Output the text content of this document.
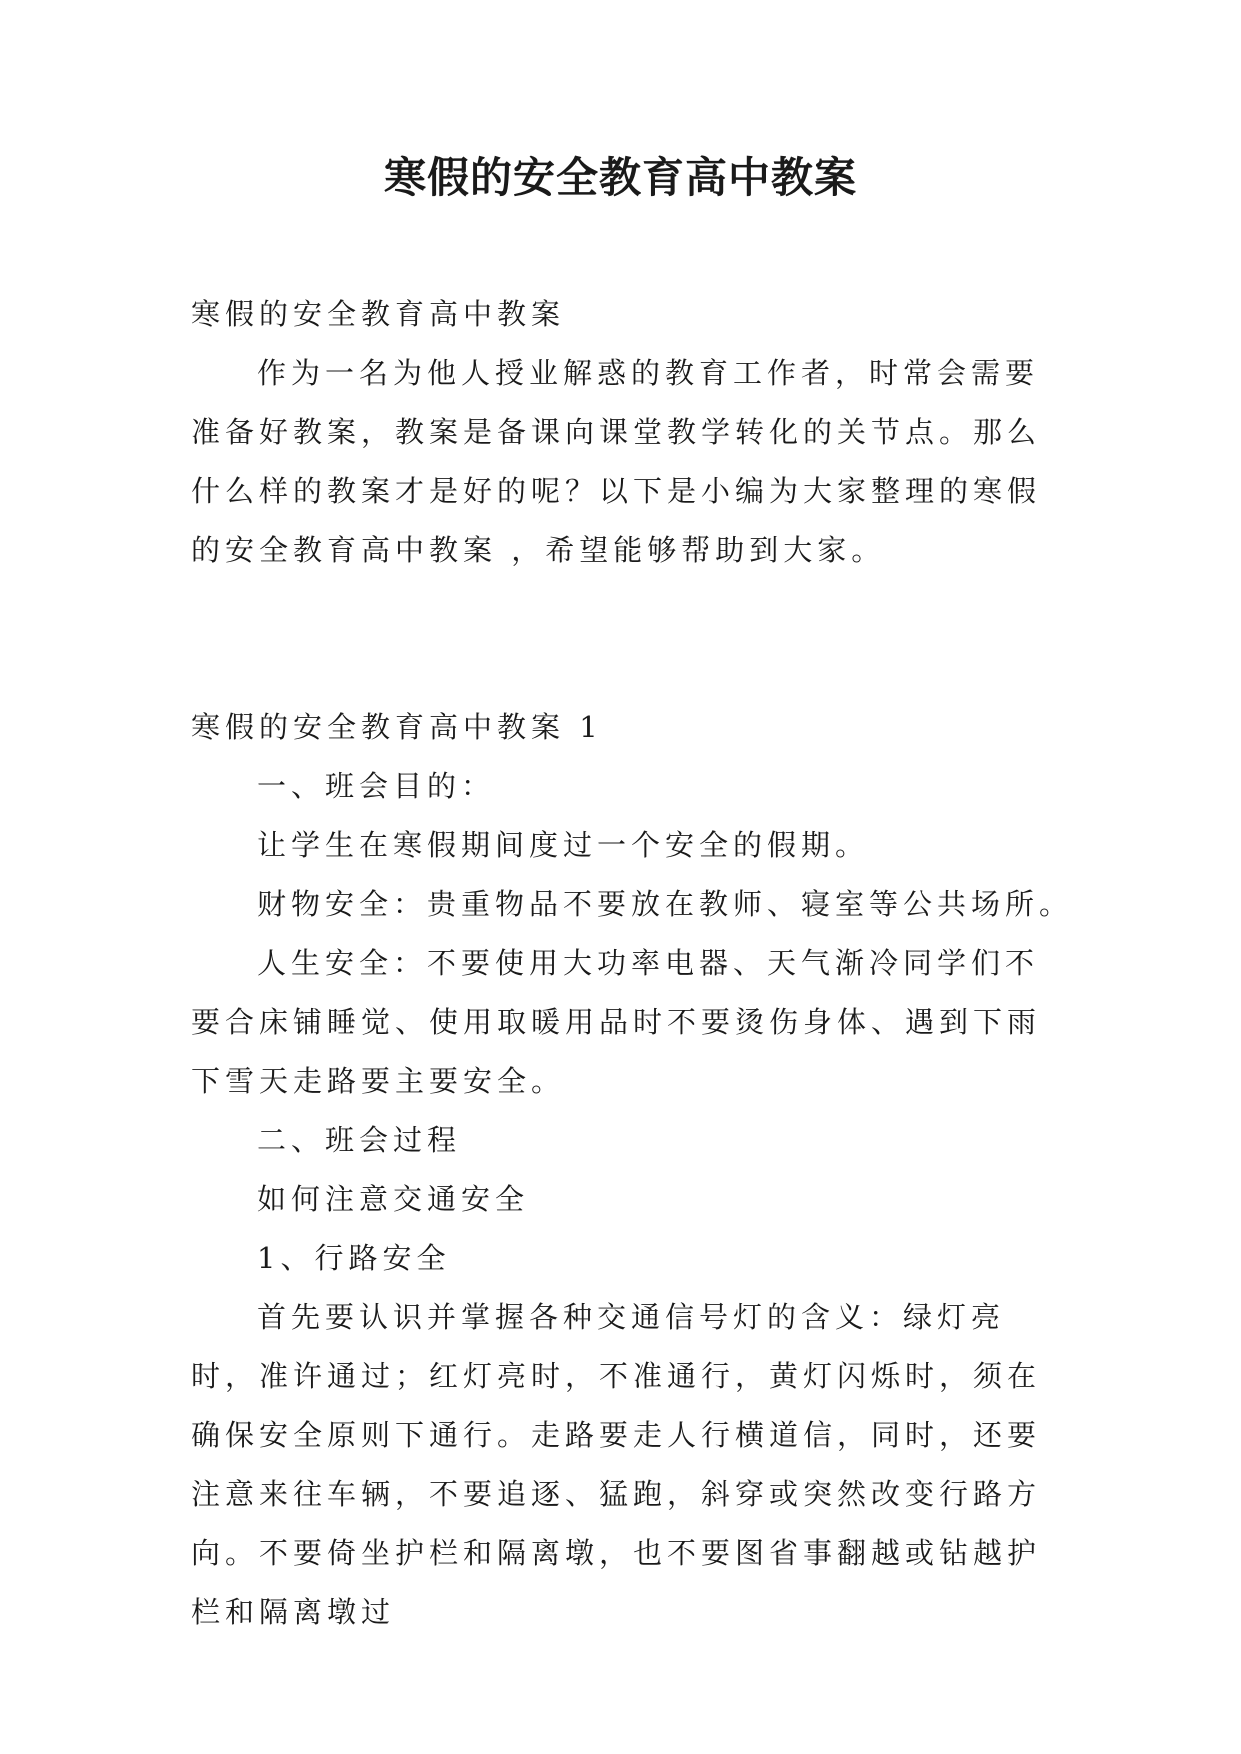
寒假的安全教育高中教案

寒假的安全教育高中教案

作为一名为他人授业解惑的教育工作者，时常会需要准备好教案，教案是备课向课堂教学转化的关节点。那么什么样的教案才是好的呢？以下是小编为大家整理的寒假的安全教育高中教案 ，希望能够帮助到大家。

寒假的安全教育高中教案 1

一、班会目的：

让学生在寒假期间度过一个安全的假期。

财物安全：贵重物品不要放在教师、寝室等公共场所。

人生安全：不要使用大功率电器、天气渐冷同学们不要合床铺睡觉、使用取暖用品时不要烫伤身体、遇到下雨下雪天走路要主要安全。

二、班会过程

如何注意交通安全

1、行路安全

首先要认识并掌握各种交通信号灯的含义：绿灯亮时，准许通过；红灯亮时，不准通行，黄灯闪烁时，须在确保安全原则下通行。走路要走人行横道信，同时，还要注意来往车辆，不要追逐、猛跑，斜穿或突然改变行路方向。不要倚坐护栏和隔离墩，也不要图省事翻越或钻越护栏和隔离墩过
